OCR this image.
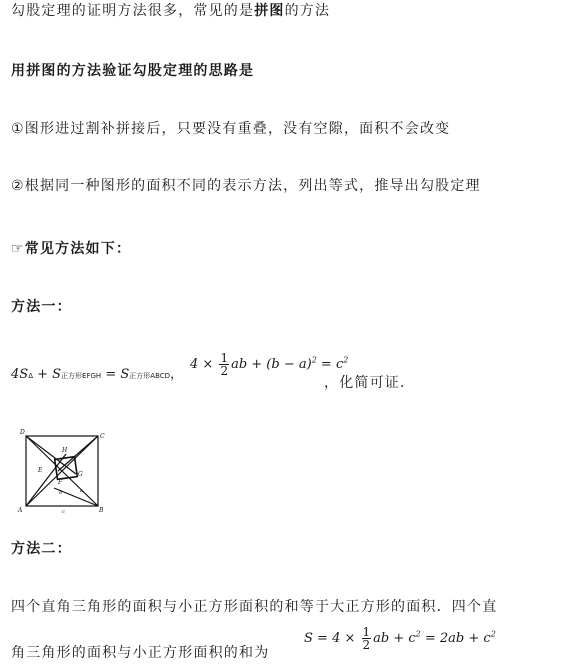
勾股定理的证明方法很多，常见的是拼图的方法
用拼图的方法验证勾股定理的思路是
①图形进过割补拼接后，只要没有重叠，没有空隙，面积不会改变
②根据同一种图形的面积不同的表示方法，列出等式，推导出勾股定理
☞常见方法如下：
方法一：
4SΔ + S正方形EFGH = S正方形ABCD，
$4 \times \frac{1}{2}$ ab + $(b - a)^2 = c^2$
，化简可证．
D
C
A	B
H
E
F
G
b	a
c
方法二：
四个直角三角形的面积与小正方形面积的和等于大正方形的面积．四个直
角三角形的面积与小正方形面积的和为
$S = 4 \times \frac{1}{2}$ ab + $c^2 = 2ab + c^2$
